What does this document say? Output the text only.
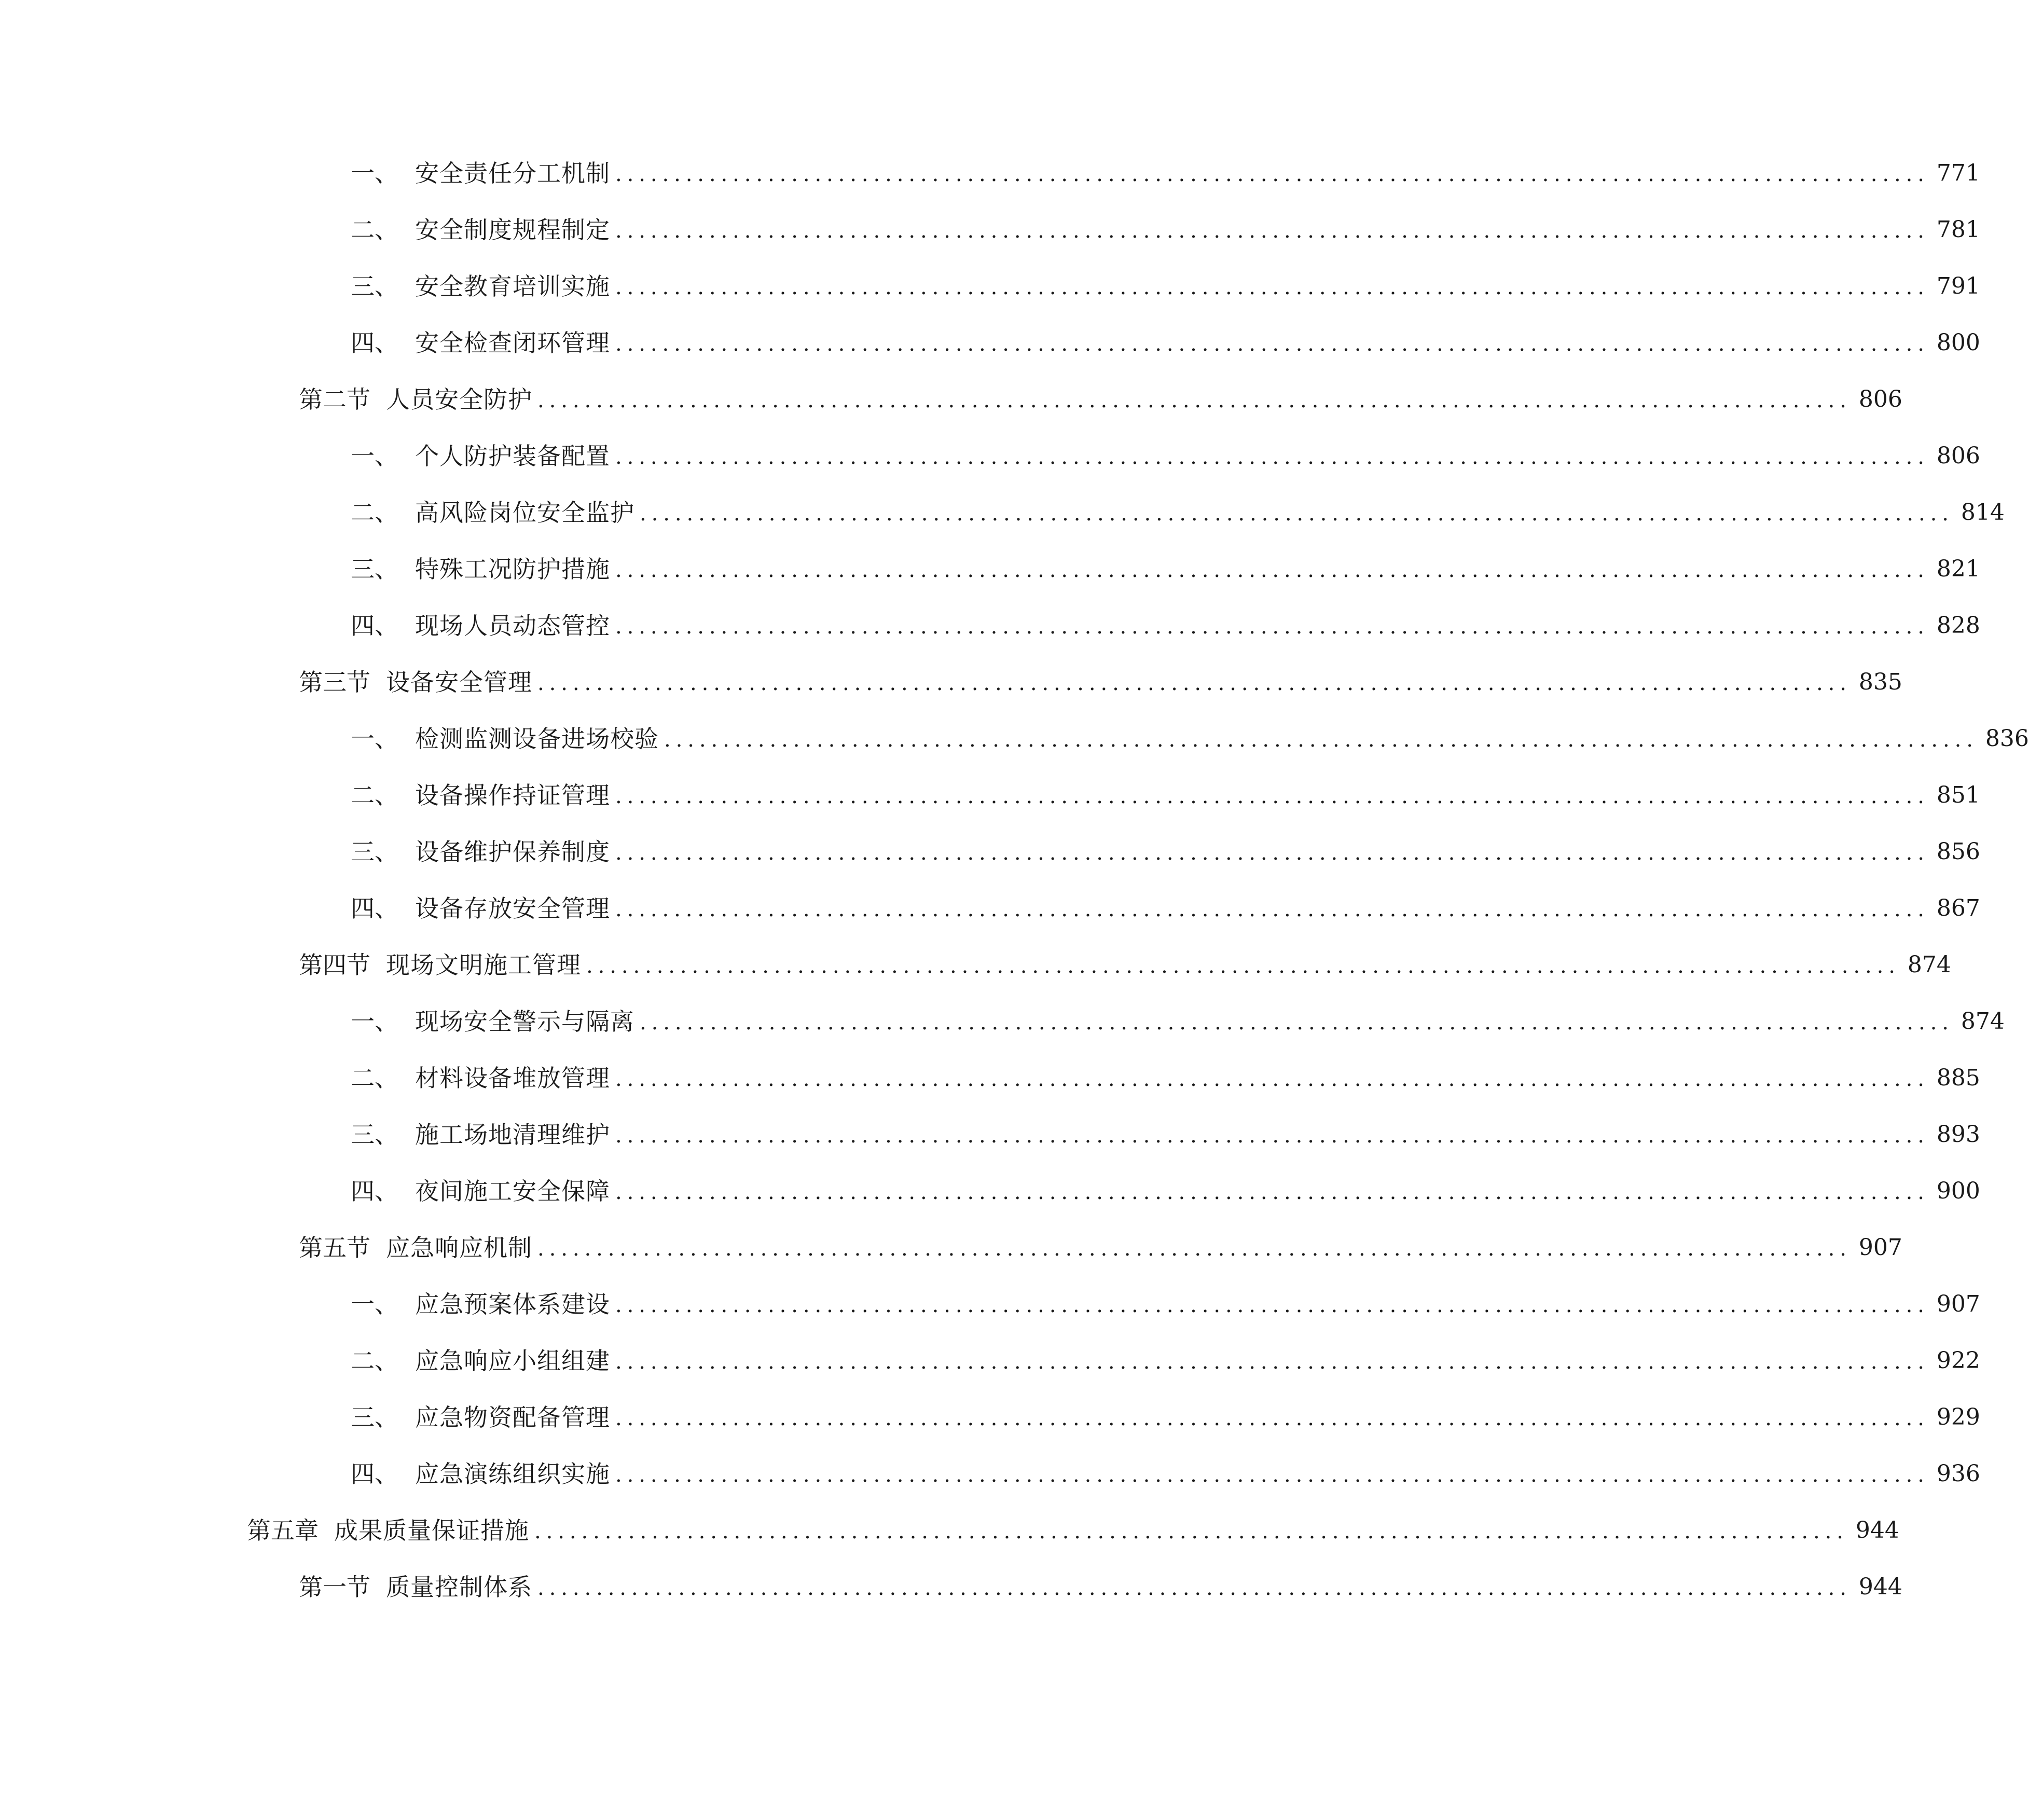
一、 安全责任分工机制 ................................................................................................................ 771
二、 安全制度规程制定 ................................................................................................................ 781
三、 安全教育培训实施 ................................................................................................................ 791
四、 安全检查闭环管理 ................................................................................................................ 800
第二节 人员安全防护 ................................................................................................................ 806
一、 个人防护装备配置 ................................................................................................................ 806
二、 高风险岗位安全监护 ................................................................................................................ 814
三、 特殊工况防护措施 ................................................................................................................ 821
四、 现场人员动态管控 ................................................................................................................ 828
第三节 设备安全管理 ................................................................................................................ 835
一、 检测监测设备进场校验 ................................................................................................................ 836
二、 设备操作持证管理 ................................................................................................................ 851
三、 设备维护保养制度 ................................................................................................................ 856
四、 设备存放安全管理 ................................................................................................................ 867
第四节 现场文明施工管理 ................................................................................................................ 874
一、 现场安全警示与隔离 ................................................................................................................ 874
二、 材料设备堆放管理 ................................................................................................................ 885
三、 施工场地清理维护 ................................................................................................................ 893
四、 夜间施工安全保障 ................................................................................................................ 900
第五节 应急响应机制 ................................................................................................................ 907
一、 应急预案体系建设 ................................................................................................................ 907
二、 应急响应小组组建 ................................................................................................................ 922
三、 应急物资配备管理 ................................................................................................................ 929
四、 应急演练组织实施 ................................................................................................................ 936
第五章 成果质量保证措施 ................................................................................................................ 944
第一节 质量控制体系 ................................................................................................................ 944
